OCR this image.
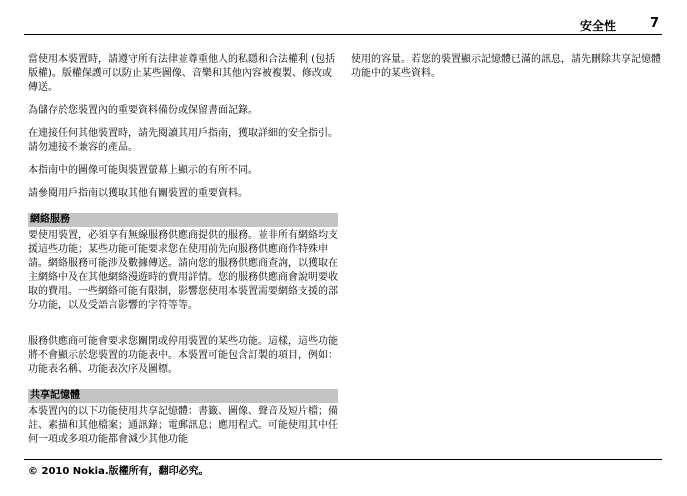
安全性	7

當使用本裝置時，請遵守所有法律並尊重他人的私隱和合法權利 (包括版權)。版權保護可以防止某些圖像、音樂和其他內容被複製、修改或傳送。

為儲存於您裝置內的重要資料備份或保留書面記錄。

在連接任何其他裝置時，請先閱讀其用戶指南，獲取詳細的安全指引。請勿連接不兼容的產品。

本指南中的圖像可能與裝置螢幕上顯示的有所不同。

請參閱用戶指南以獲取其他有關裝置的重要資料。

網絡服務

要使用裝置，必須享有無線服務供應商提供的服務。並非所有網絡均支援這些功能；某些功能可能要求您在使用前先向服務供應商作特殊申請。網絡服務可能涉及數據傳送。請向您的服務供應商查詢，以獲取在主網絡中及在其他網絡漫遊時的費用詳情。您的服務供應商會說明要收取的費用。一些網絡可能有限制，影響您使用本裝置需要網絡支援的部分功能，以及受語言影響的字符等等。

服務供應商可能會要求您關閉或停用裝置的某些功能。這樣，這些功能將不會顯示於您裝置的功能表中。本裝置可能包含訂製的項目，例如：功能表名稱、功能表次序及圖標。

共享記憶體

本裝置內的以下功能使用共享記憶體：書籤、圖像、聲音及短片檔；備註、素描和其他檔案；通訊錄；電郵訊息；應用程式。可能使用其中任何一項或多項功能都會減少其他功能

使用的容量。若您的裝置顯示記憶體已滿的訊息，請先刪除共享記憶體功能中的某些資料。

© 2010 Nokia.版權所有，翻印必究。
